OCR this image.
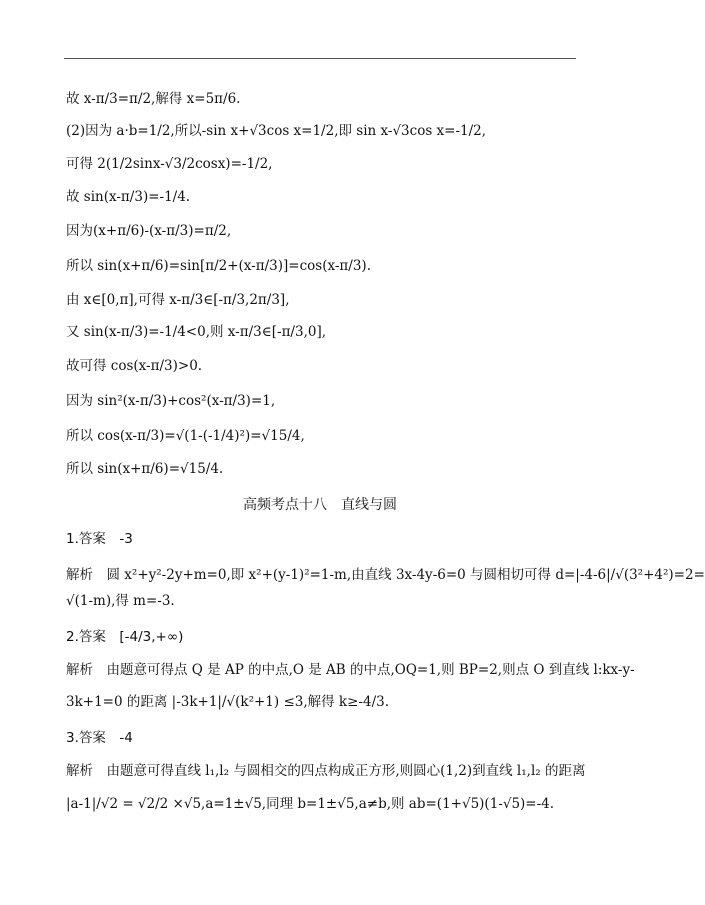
故 x-π/3=π/2,解得 x=5π/6.
(2)因为 a·b=1/2,所以-sin x+√3cos x=1/2,即 sin x-√3cos x=-1/2,
可得 2(1/2sinx-√3/2cosx)=-1/2,
故 sin(x-π/3)=-1/4.
因为(x+π/6)-(x-π/3)=π/2,
所以 sin(x+π/6)=sin[π/2+(x-π/3)]=cos(x-π/3).
由 x∈[0,π],可得 x-π/3∈[-π/3,2π/3],
又 sin(x-π/3)=-1/4<0,则 x-π/3∈[-π/3,0],
故可得 cos(x-π/3)>0.
因为 sin²(x-π/3)+cos²(x-π/3)=1,
所以 cos(x-π/3)=√(1-(-1/4)²)=√15/4,
所以 sin(x+π/6)=√15/4.
高频考点十八　直线与圆
1.答案　-3
解析　圆 x²+y²-2y+m=0,即 x²+(y-1)²=1-m,由直线 3x-4y-6=0 与圆相切可得 d=|-4-6|/√(3²+4²)=2=
√(1-m),得 m=-3.
2.答案　[-4/3,+∞)
解析　由题意可得点 Q 是 AP 的中点,O 是 AB 的中点,OQ=1,则 BP=2,则点 O 到直线 l:kx-y-
3k+1=0 的距离 |-3k+1|/√(k²+1) ≤3,解得 k≥-4/3.
3.答案　-4
解析　由题意可得直线 l₁,l₂ 与圆相交的四点构成正方形,则圆心(1,2)到直线 l₁,l₂ 的距离
|a-1|/√2 = √2/2 ×√5,a=1±√5,同理 b=1±√5,a≠b,则 ab=(1+√5)(1-√5)=-4.
